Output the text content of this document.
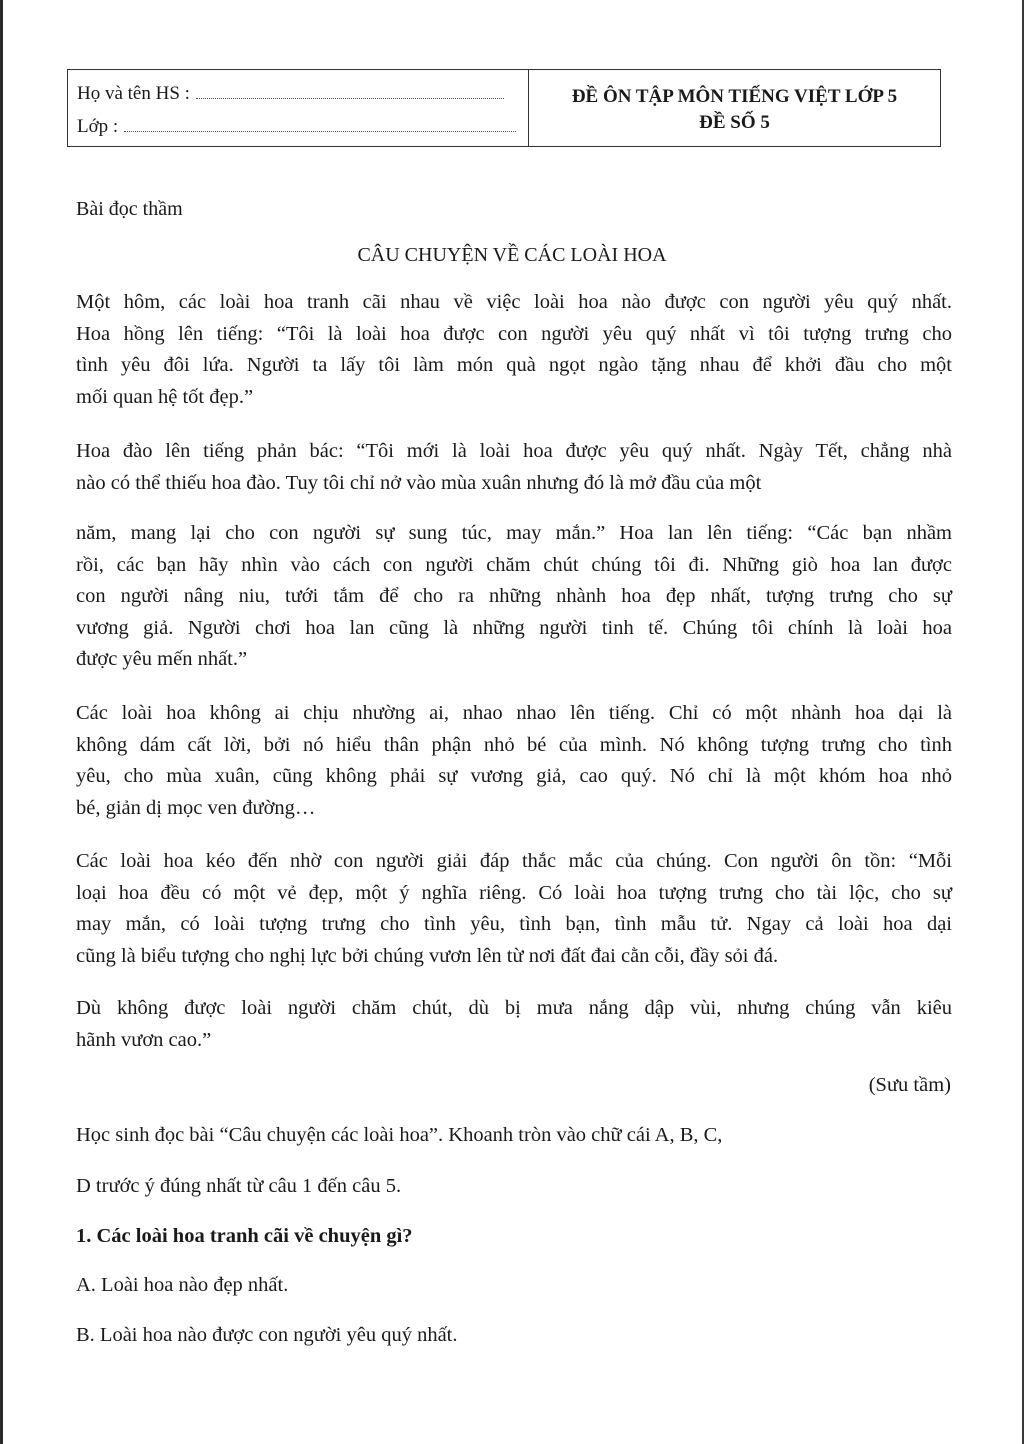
Họ và tên HS :
Lớp :
ĐỀ ÔN TẬP MÔN TIẾNG VIỆT LỚP 5
ĐỀ SỐ 5
Bài đọc thầm
CÂU CHUYỆN VỀ CÁC LOÀI HOA

Một hôm, các loài hoa tranh cãi nhau về việc loài hoa nào được con người yêu quý nhất.
Hoa hồng lên tiếng: “Tôi là loài hoa được con người yêu quý nhất vì tôi tượng trưng cho
tình yêu đôi lứa. Người ta lấy tôi làm món quà ngọt ngào tặng nhau để khởi đầu cho một
mối quan hệ tốt đẹp.”

Hoa đào lên tiếng phản bác: “Tôi mới là loài hoa được yêu quý nhất. Ngày Tết, chẳng nhà
nào có thể thiếu hoa đào. Tuy tôi chỉ nở vào mùa xuân nhưng đó là mở đầu của một

năm, mang lại cho con người sự sung túc, may mắn.” Hoa lan lên tiếng: “Các bạn nhầm
rồi, các bạn hãy nhìn vào cách con người chăm chút chúng tôi đi. Những giò hoa lan được
con người nâng niu, tưới tắm để cho ra những nhành hoa đẹp nhất, tượng trưng cho sự
vương giả. Người chơi hoa lan cũng là những người tinh tế. Chúng tôi chính là loài hoa
được yêu mến nhất.”

Các loài hoa không ai chịu nhường ai, nhao nhao lên tiếng. Chỉ có một nhành hoa dại là
không dám cất lời, bởi nó hiểu thân phận nhỏ bé của mình. Nó không tượng trưng cho tình
yêu, cho mùa xuân, cũng không phải sự vương giả, cao quý. Nó chỉ là một khóm hoa nhỏ
bé, giản dị mọc ven đường…

Các loài hoa kéo đến nhờ con người giải đáp thắc mắc của chúng. Con người ôn tồn: “Mỗi
loại hoa đều có một vẻ đẹp, một ý nghĩa riêng. Có loài hoa tượng trưng cho tài lộc, cho sự
may mắn, có loài tượng trưng cho tình yêu, tình bạn, tình mẫu tử. Ngay cả loài hoa dại
cũng là biểu tượng cho nghị lực bởi chúng vươn lên từ nơi đất đai cằn cỗi, đầy sỏi đá.

Dù không được loài người chăm chút, dù bị mưa nắng dập vùi, nhưng chúng vẫn kiêu
hãnh vươn cao.”

(Sưu tầm)
Học sinh đọc bài “Câu chuyện các loài hoa”. Khoanh tròn vào chữ cái A, B, C,
D trước ý đúng nhất từ câu 1 đến câu 5.
1. Các loài hoa tranh cãi về chuyện gì?
A. Loài hoa nào đẹp nhất.
B. Loài hoa nào được con người yêu quý nhất.
